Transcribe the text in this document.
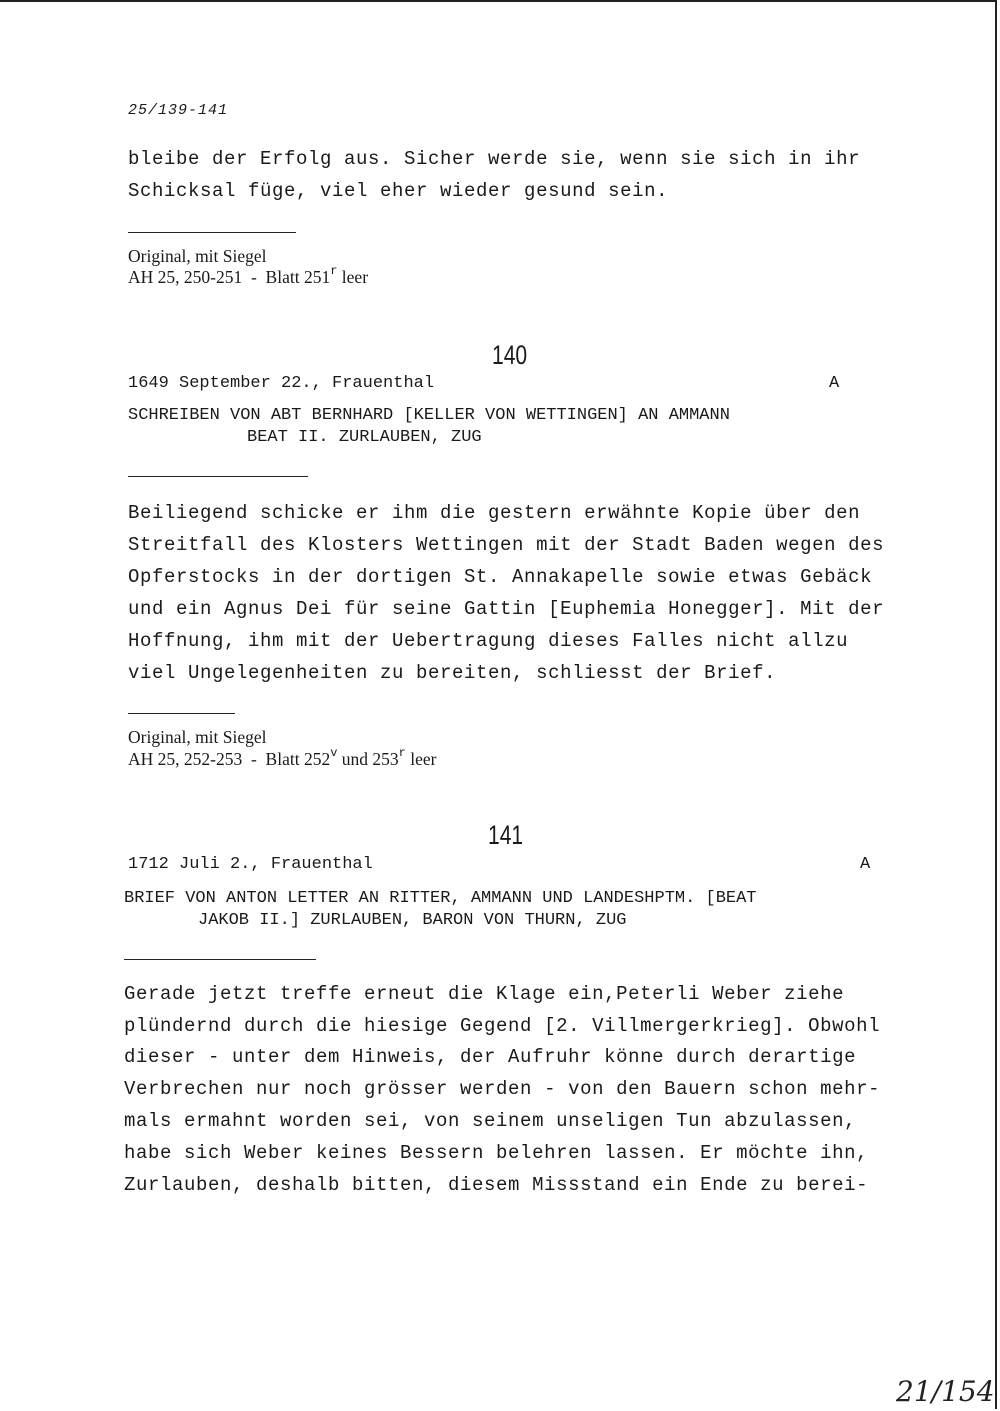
25/139-141
bleibe der Erfolg aus. Sicher werde sie, wenn sie sich in ihr
Schicksal füge, viel eher wieder gesund sein.
Original, mit Siegel
AH 25, 250-251  -  Blatt 251$^r$ leer
140
1649 September 22., Frauenthal	A
SCHREIBEN VON ABT BERNHARD [KELLER VON WETTINGEN] AN AMMANN
BEAT II. ZURLAUBEN, ZUG
Beiliegend schicke er ihm die gestern erwähnte Kopie über den
Streitfall des Klosters Wettingen mit der Stadt Baden wegen des
Opferstocks in der dortigen St. Annakapelle sowie etwas Gebäck
und ein Agnus Dei für seine Gattin [Euphemia Honegger]. Mit der
Hoffnung, ihm mit der Uebertragung dieses Falles nicht allzu
viel Ungelegenheiten zu bereiten, schliesst der Brief.
Original, mit Siegel
AH 25, 252-253  -  Blatt 252$^v$ und 253$^r$ leer
141
1712 Juli 2., Frauenthal	A
BRIEF VON ANTON LETTER AN RITTER, AMMANN UND LANDESHPTM. [BEAT
JAKOB II.] ZURLAUBEN, BARON VON THURN, ZUG
Gerade jetzt treffe erneut die Klage ein,Peterli Weber ziehe
plündernd durch die hiesige Gegend [2. Villmergerkrieg]. Obwohl
dieser - unter dem Hinweis, der Aufruhr könne durch derartige
Verbrechen nur noch grösser werden - von den Bauern schon mehr-
mals ermahnt worden sei, von seinem unseligen Tun abzulassen,
habe sich Weber keines Bessern belehren lassen. Er möchte ihn,
Zurlauben, deshalb bitten, diesem Missstand ein Ende zu berei-
21/154
